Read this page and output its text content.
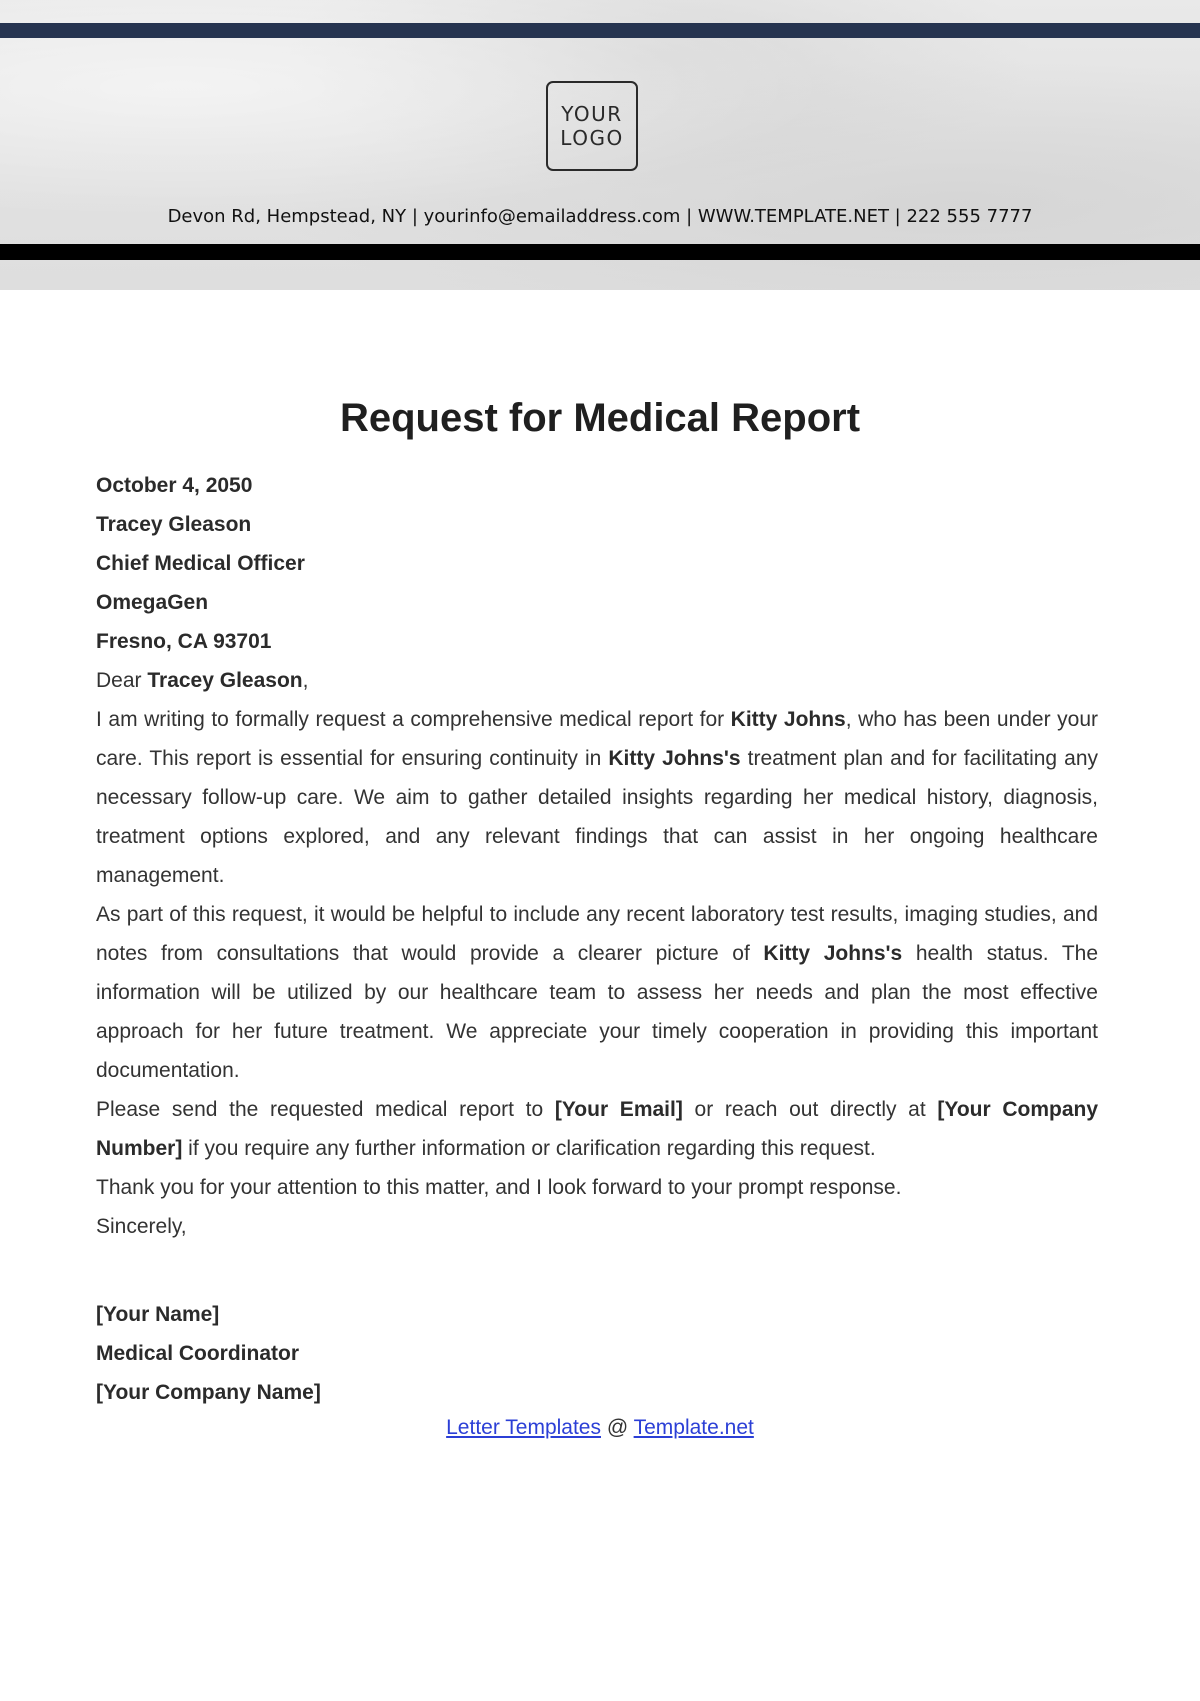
YOUR
LOGO
Devon Rd, Hempstead, NY | yourinfo@emailaddress.com | WWW.TEMPLATE.NET | 222 555 7777
Request for Medical Report

October 4, 2050

Tracey Gleason

Chief Medical Officer

OmegaGen

Fresno, CA 93701

Dear Tracey Gleason,

I am writing to formally request a comprehensive medical report for Kitty Johns, who has been under your care. This report is essential for ensuring continuity in Kitty Johns's treatment plan and for facilitating any necessary follow-up care. We aim to gather detailed insights regarding her medical history, diagnosis, treatment options explored, and any relevant findings that can assist in her ongoing healthcare management.

As part of this request, it would be helpful to include any recent laboratory test results, imaging studies, and notes from consultations that would provide a clearer picture of Kitty Johns's health status. The information will be utilized by our healthcare team to assess her needs and plan the most effective approach for her future treatment. We appreciate your timely cooperation in providing this important documentation.

Please send the requested medical report to [Your Email] or reach out directly at [Your Company Number] if you require any further information or clarification regarding this request.

Thank you for your attention to this matter, and I look forward to your prompt response.

Sincerely,

[Your Name]

Medical Coordinator

[Your Company Name]

Letter Templates @ Template.net
